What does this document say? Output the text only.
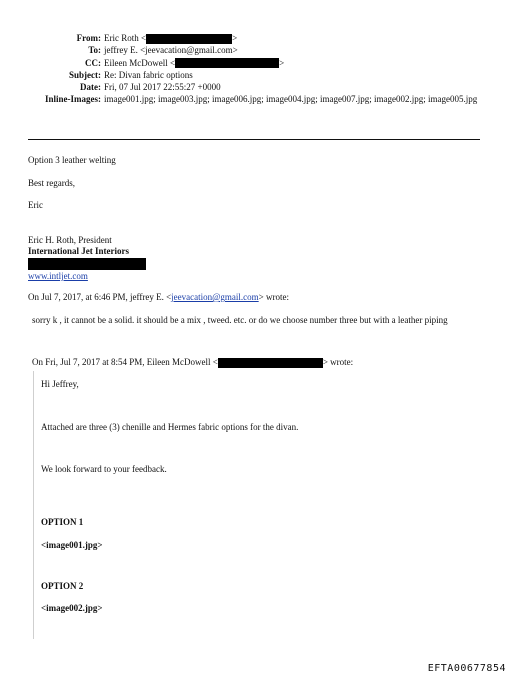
From: Eric Roth <	>
To: jeffrey E. <jeevacation@gmail.com>
CC: Eileen McDowell <	>
Subject: Re: Divan fabric options
Date: Fri, 07 Jul 2017 22:55:27 +0000
Inline-Images: image001.jpg; image003.jpg; image006.jpg; image004.jpg; image007.jpg; image002.jpg; image005.jpg
Option 3 leather welting
Best regards,
Eric
Eric H. Roth, President
International Jet Interiors
www.intljet.com
On Jul 7, 2017, at 6:46 PM, jeffrey E. <jeevacation@gmail.com> wrote:
sorry k , it cannot be a solid. it should be a mix , tweed. etc. or do we choose number three but with a leather piping
On Fri, Jul 7, 2017 at 8:54 PM, Eileen McDowell <	> wrote:
Hi Jeffrey,
Attached are three (3) chenille and Hermes fabric options for the divan.
We look forward to your feedback.
OPTION 1
<image001.jpg>
OPTION 2
<image002.jpg>
EFTA00677854
